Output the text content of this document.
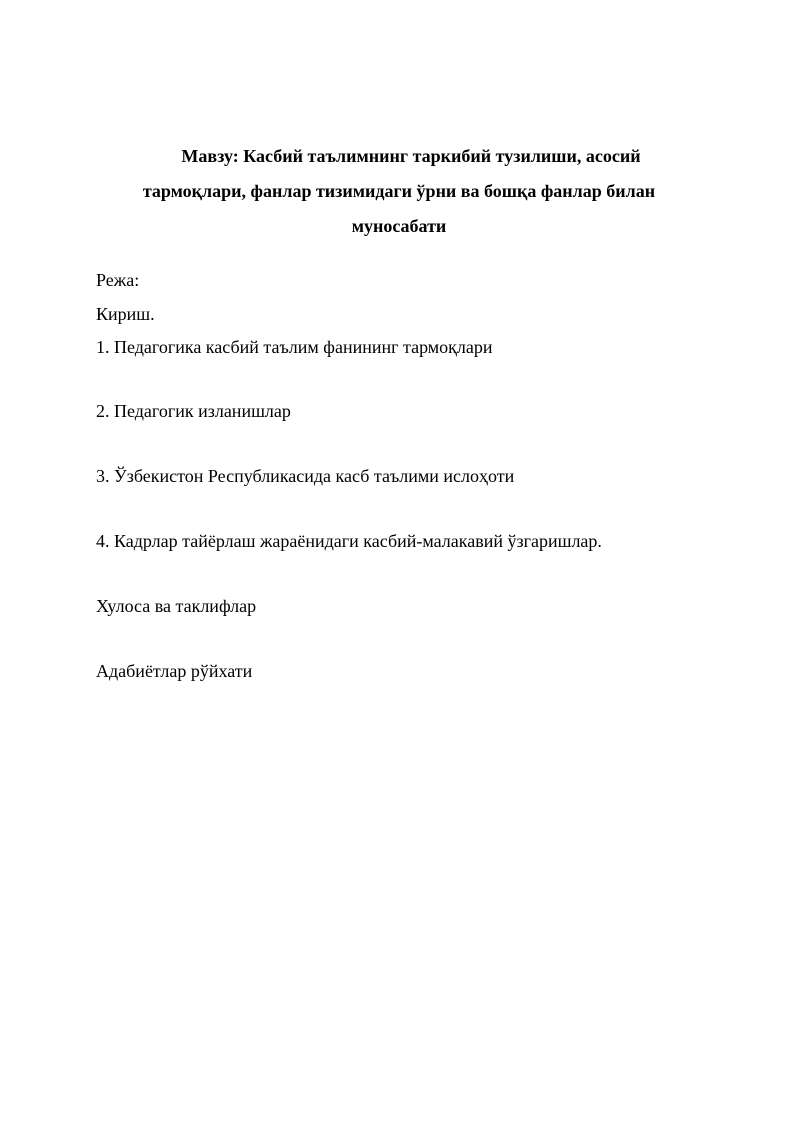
Мавзу: Касбий таълимнинг таркибий тузилиши, асосий
тармоқлари, фанлар тизимидаги ўрни ва бошқа фанлар билан
муносабати
Режа:
Кириш.
1. Педагогика касбий таълим фанининг тармоқлари
2. Педагогик изланишлар
3. Ўзбекистон Республикасида касб таълими ислоҳоти
4. Кадрлар тайёрлаш жараёнидаги касбий-малакавий ўзгаришлар.
Хулоса ва таклифлар
Адабиётлар рўйхати
